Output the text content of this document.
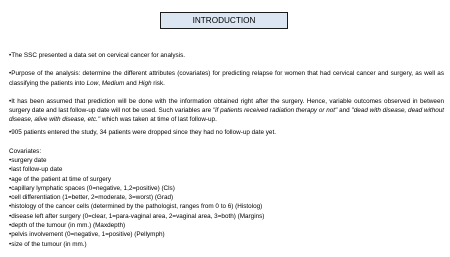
INTRODUCTION

•The SSC presented a data set on cervical cancer for analysis.

•Purpose of the analysis: determine the different attributes (covariates) for predicting relapse for women that had cervical cancer and surgery, as well as classifying the patients into Low, Medium and High risk.

•It has been assumed that prediction will be done with the information obtained right after the surgery. Hence, variable outcomes observed in between surgery date and last follow-up date will not be used. Such variables are "if patients received radiation therapy or not" and "dead with disease, dead without disease, alive with disease, etc." which was taken at time of last follow-up.

•905 patients entered the study, 34 patients were dropped since they had no follow-up date yet.

Covariates:

•surgery date
•last follow-up date
•age of the patient at time of surgery
•capillary lymphatic spaces (0=negative, 1,2=positive) (Cls)
•cell differentiation (1=better, 2=moderate, 3=worst) (Grad)
•histology of the cancer cells (determined by the pathologist, ranges from 0 to 6) (Histolog)
•disease left after surgery (0=clear, 1=para-vaginal area, 2=vaginal area, 3=both) (Margins)
•depth of the tumour (in mm.) (Maxdepth)
•pelvis involvement (0=negative, 1=positive) (Pellymph)
•size of the tumour (in mm.)
